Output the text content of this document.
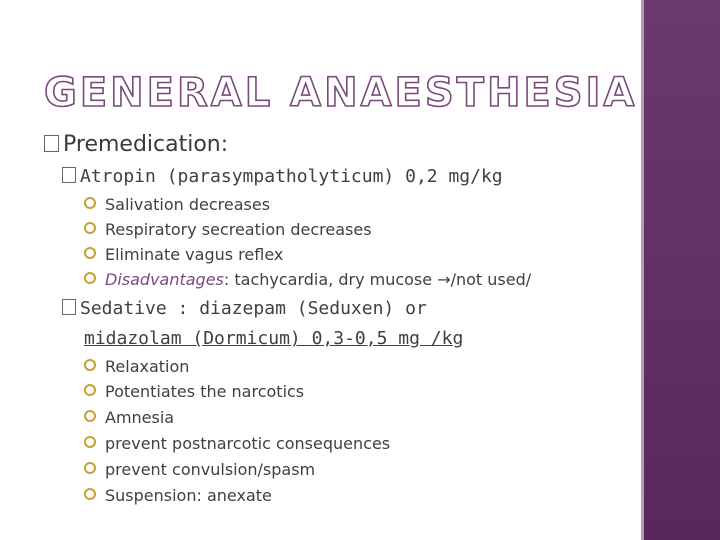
GENERAL ANAESTHESIA
Premedication:
Atropin (parasympatholyticum) 0,2 mg/kg
Salivation decreases
Respiratory secreation decreases
Eliminate vagus reflex
Disadvantages: tachycardia, dry mucose →/not used/
Sedative : diazepam (Seduxen) or
midazolam (Dormicum) 0,3-0,5 mg /kg
Relaxation
Potentiates the narcotics
Amnesia
prevent postnarcotic consequences
prevent convulsion/spasm
Suspension: anexate
